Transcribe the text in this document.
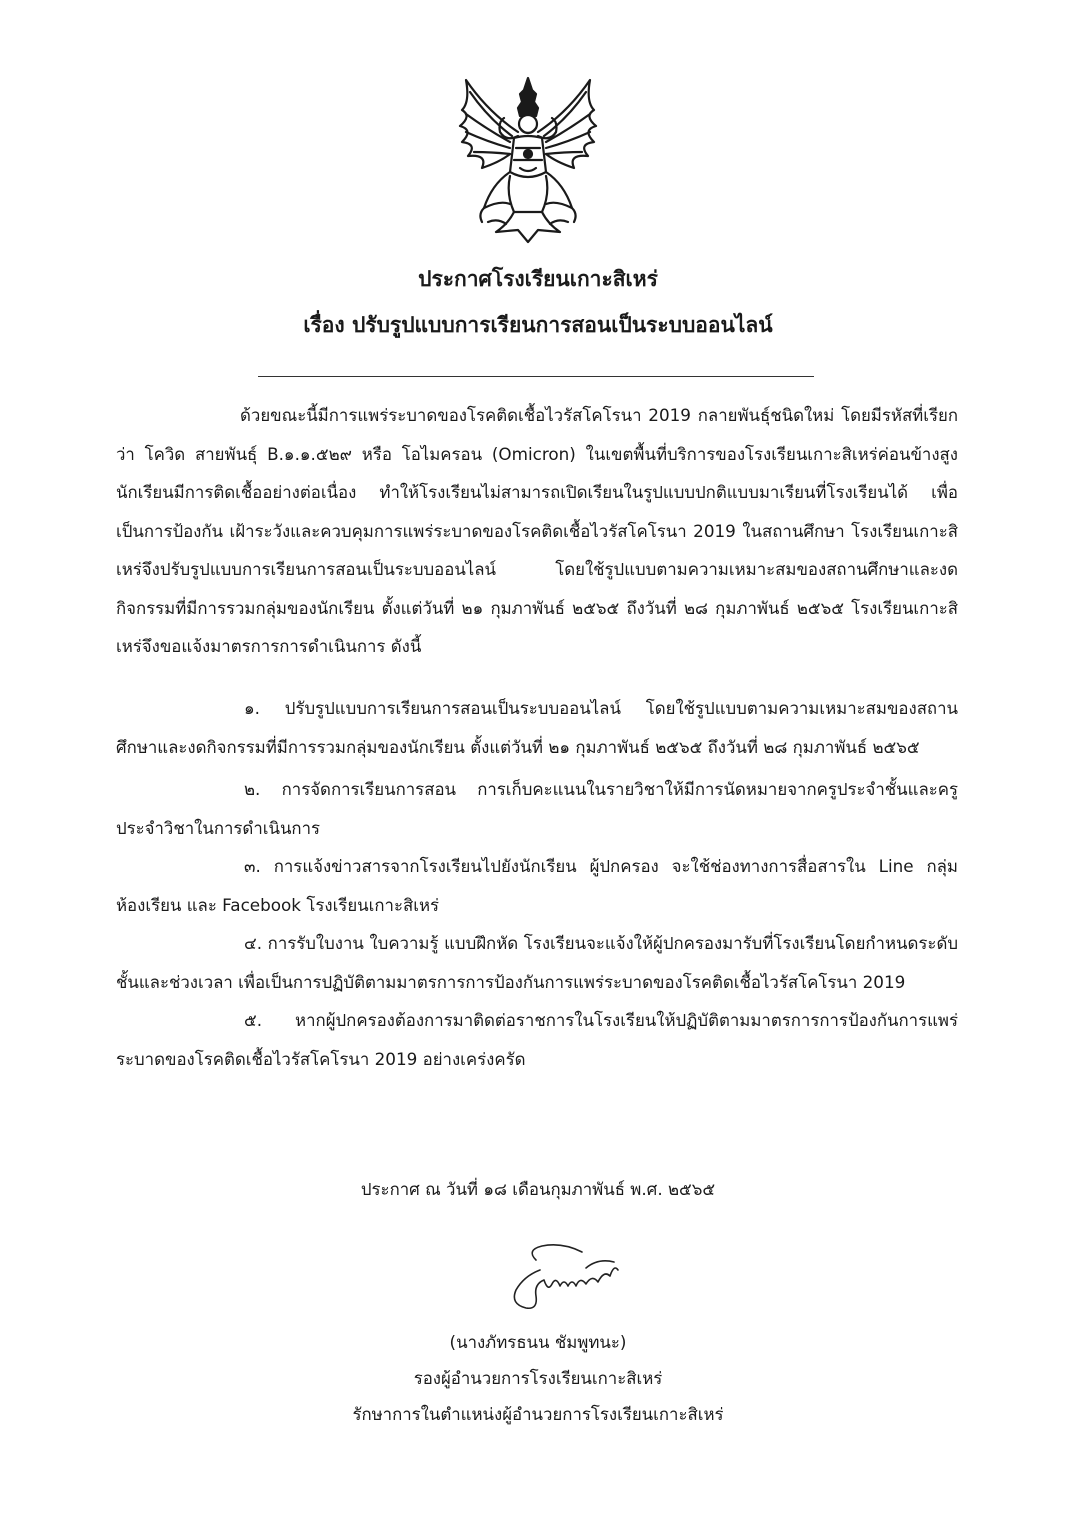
ประกาศโรงเรียนเกาะสิเหร่
เรื่อง ปรับรูปแบบการเรียนการสอนเป็นระบบออนไลน์
ด้วยขณะนี้มีการแพร่ระบาดของโรคติดเชื้อไวรัสโคโรนา 2019 กลายพันธุ์ชนิดใหม่ โดยมีรหัสที่เรียกว่า โควิด สายพันธุ์ B.๑.๑.๕๒๙ หรือ โอไมครอน (Omicron) ในเขตพื้นที่บริการของโรงเรียนเกาะสิเหร่ค่อนข้างสูง นักเรียนมีการติดเชื้ออย่างต่อเนื่อง ทำให้โรงเรียนไม่สามารถเปิดเรียนในรูปแบบปกติแบบมาเรียนที่โรงเรียนได้ เพื่อเป็นการป้องกัน เฝ้าระวังและควบคุมการแพร่ระบาดของโรคติดเชื้อไวรัสโคโรนา 2019 ในสถานศึกษา โรงเรียนเกาะสิเหร่จึงปรับรูปแบบการเรียนการสอนเป็นระบบออนไลน์ โดยใช้รูปแบบตามความเหมาะสมของสถานศึกษาและงดกิจกรรมที่มีการรวมกลุ่มของนักเรียน ตั้งแต่วันที่ ๒๑ กุมภาพันธ์ ๒๕๖๕ ถึงวันที่ ๒๘ กุมภาพันธ์ ๒๕๖๕ โรงเรียนเกาะสิเหร่จึงขอแจ้งมาตรการการดำเนินการ ดังนี้

๑. ปรับรูปแบบการเรียนการสอนเป็นระบบออนไลน์ โดยใช้รูปแบบตามความเหมาะสมของสถานศึกษาและงดกิจกรรมที่มีการรวมกลุ่มของนักเรียน ตั้งแต่วันที่ ๒๑ กุมภาพันธ์ ๒๕๖๕ ถึงวันที่ ๒๘ กุมภาพันธ์ ๒๕๖๕

๒. การจัดการเรียนการสอน การเก็บคะแนนในรายวิชาให้มีการนัดหมายจากครูประจำชั้นและครูประจำวิชาในการดำเนินการ

๓. การแจ้งข่าวสารจากโรงเรียนไปยังนักเรียน ผู้ปกครอง จะใช้ช่องทางการสื่อสารใน Line กลุ่มห้องเรียน และ Facebook โรงเรียนเกาะสิเหร่

๔. การรับใบงาน ใบความรู้ แบบฝึกหัด โรงเรียนจะแจ้งให้ผู้ปกครองมารับที่โรงเรียนโดยกำหนดระดับชั้นและช่วงเวลา เพื่อเป็นการปฏิบัติตามมาตรการการป้องกันการแพร่ระบาดของโรคติดเชื้อไวรัสโคโรนา 2019

๕. หากผู้ปกครองต้องการมาติดต่อราชการในโรงเรียนให้ปฏิบัติตามมาตรการการป้องกันการแพร่ระบาดของโรคติดเชื้อไวรัสโคโรนา 2019 อย่างเคร่งครัด

ประกาศ ณ วันที่ ๑๘ เดือนกุมภาพันธ์ พ.ศ. ๒๕๖๕
(นางภัทรธนน ชัมพูทนะ)
รองผู้อำนวยการโรงเรียนเกาะสิเหร่
รักษาการในตำแหน่งผู้อำนวยการโรงเรียนเกาะสิเหร่
